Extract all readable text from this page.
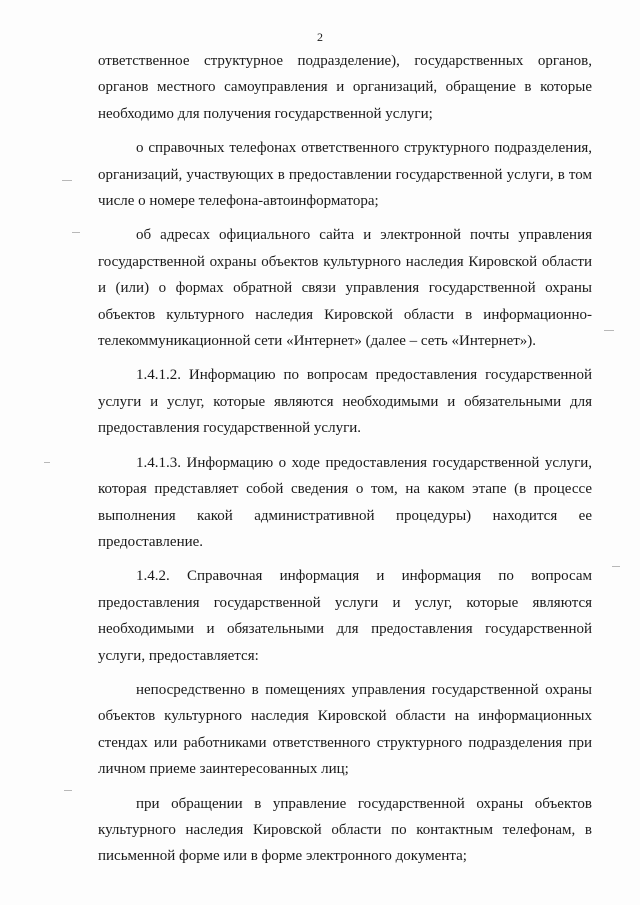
2

ответственное структурное подразделение), государственных органов, органов местного самоуправления и организаций, обращение в которые необходимо для получения государственной услуги;

о справочных телефонах ответственного структурного подразделения, организаций, участвующих в предоставлении государственной услуги, в том числе о номере телефона-автоинформатора;

об адресах официального сайта и электронной почты управления государственной охраны объектов культурного наследия Кировской области и (или) о формах обратной связи управления государственной охраны объектов культурного наследия Кировской области в информационно-телекоммуникационной сети «Интернет» (далее – сеть «Интернет»).

1.4.1.2. Информацию по вопросам предоставления государственной услуги и услуг, которые являются необходимыми и обязательными для предоставления государственной услуги.

1.4.1.3. Информацию о ходе предоставления государственной услуги, которая представляет собой сведения о том, на каком этапе (в процессе выполнения какой административной процедуры) находится ее предоставление.

1.4.2. Справочная информация и информация по вопросам предоставления государственной услуги и услуг, которые являются необходимыми и обязательными для предоставления государственной услуги, предоставляется:

непосредственно в помещениях управления государственной охраны объектов культурного наследия Кировской области на информационных стендах или работниками ответственного структурного подразделения при личном приеме заинтересованных лиц;

при обращении в управление государственной охраны объектов культурного наследия Кировской области по контактным телефонам, в письменной форме или в форме электронного документа;
